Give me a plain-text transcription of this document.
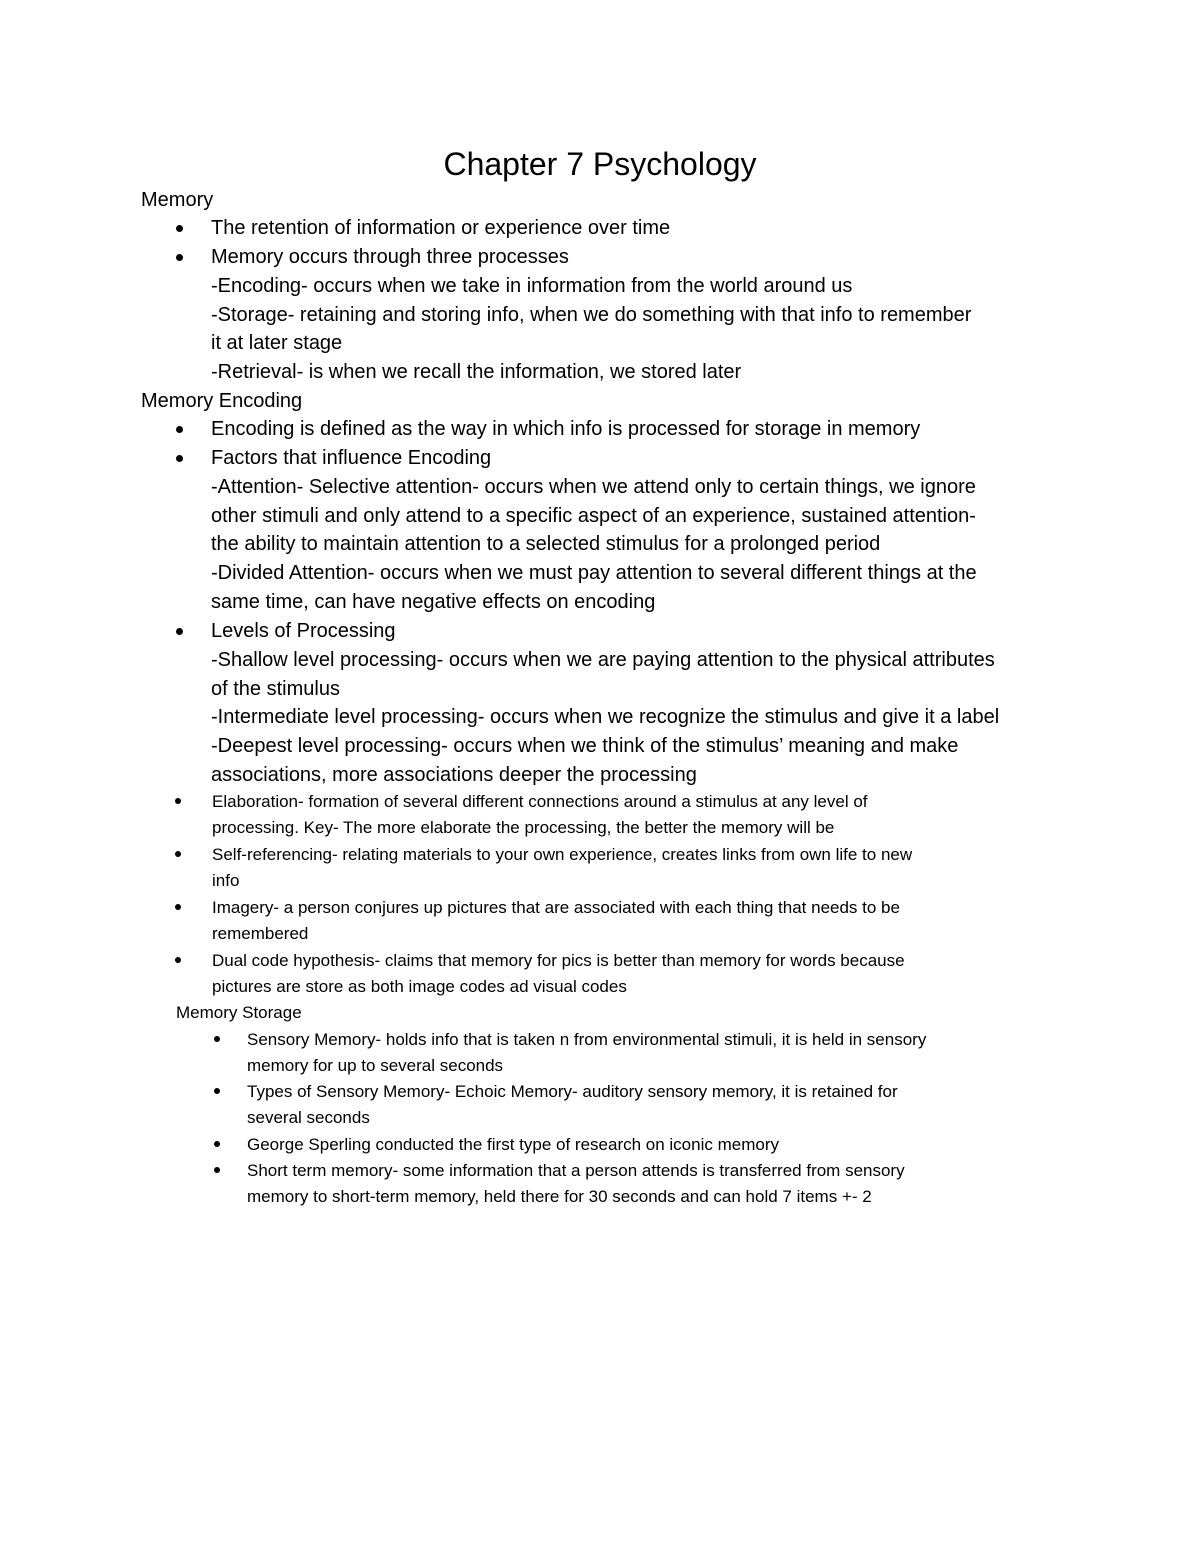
Chapter 7 Psychology
Memory
The retention of information or experience over time
Memory occurs through three processes
-Encoding- occurs when we take in information from the world around us
-Storage- retaining and storing info, when we do something with that info to remember
it at later stage
-Retrieval- is when we recall the information, we stored later
Memory Encoding
Encoding is defined as the way in which info is processed for storage in memory
Factors that influence Encoding
-Attention- Selective attention- occurs when we attend only to certain things, we ignore
other stimuli and only attend to a specific aspect of an experience, sustained attention-
the ability to maintain attention to a selected stimulus for a prolonged period
-Divided Attention- occurs when we must pay attention to several different things at the
same time, can have negative effects on encoding
Levels of Processing
-Shallow level processing- occurs when we are paying attention to the physical attributes
of the stimulus
-Intermediate level processing- occurs when we recognize the stimulus and give it a label
-Deepest level processing- occurs when we think of the stimulus’ meaning and make
associations, more associations deeper the processing
Elaboration- formation of several different connections around a stimulus at any level of
processing. Key- The more elaborate the processing, the better the memory will be
Self-referencing- relating materials to your own experience, creates links from own life to new
info
Imagery- a person conjures up pictures that are associated with each thing that needs to be
remembered
Dual code hypothesis- claims that memory for pics is better than memory for words because
pictures are store as both image codes ad visual codes
Memory Storage
Sensory Memory- holds info that is taken n from environmental stimuli, it is held in sensory
memory for up to several seconds
Types of Sensory Memory- Echoic Memory- auditory sensory memory, it is retained for
several seconds
George Sperling conducted the first type of research on iconic memory
Short term memory- some information that a person attends is transferred from sensory
memory to short-term memory, held there for 30 seconds and can hold 7 items +- 2
